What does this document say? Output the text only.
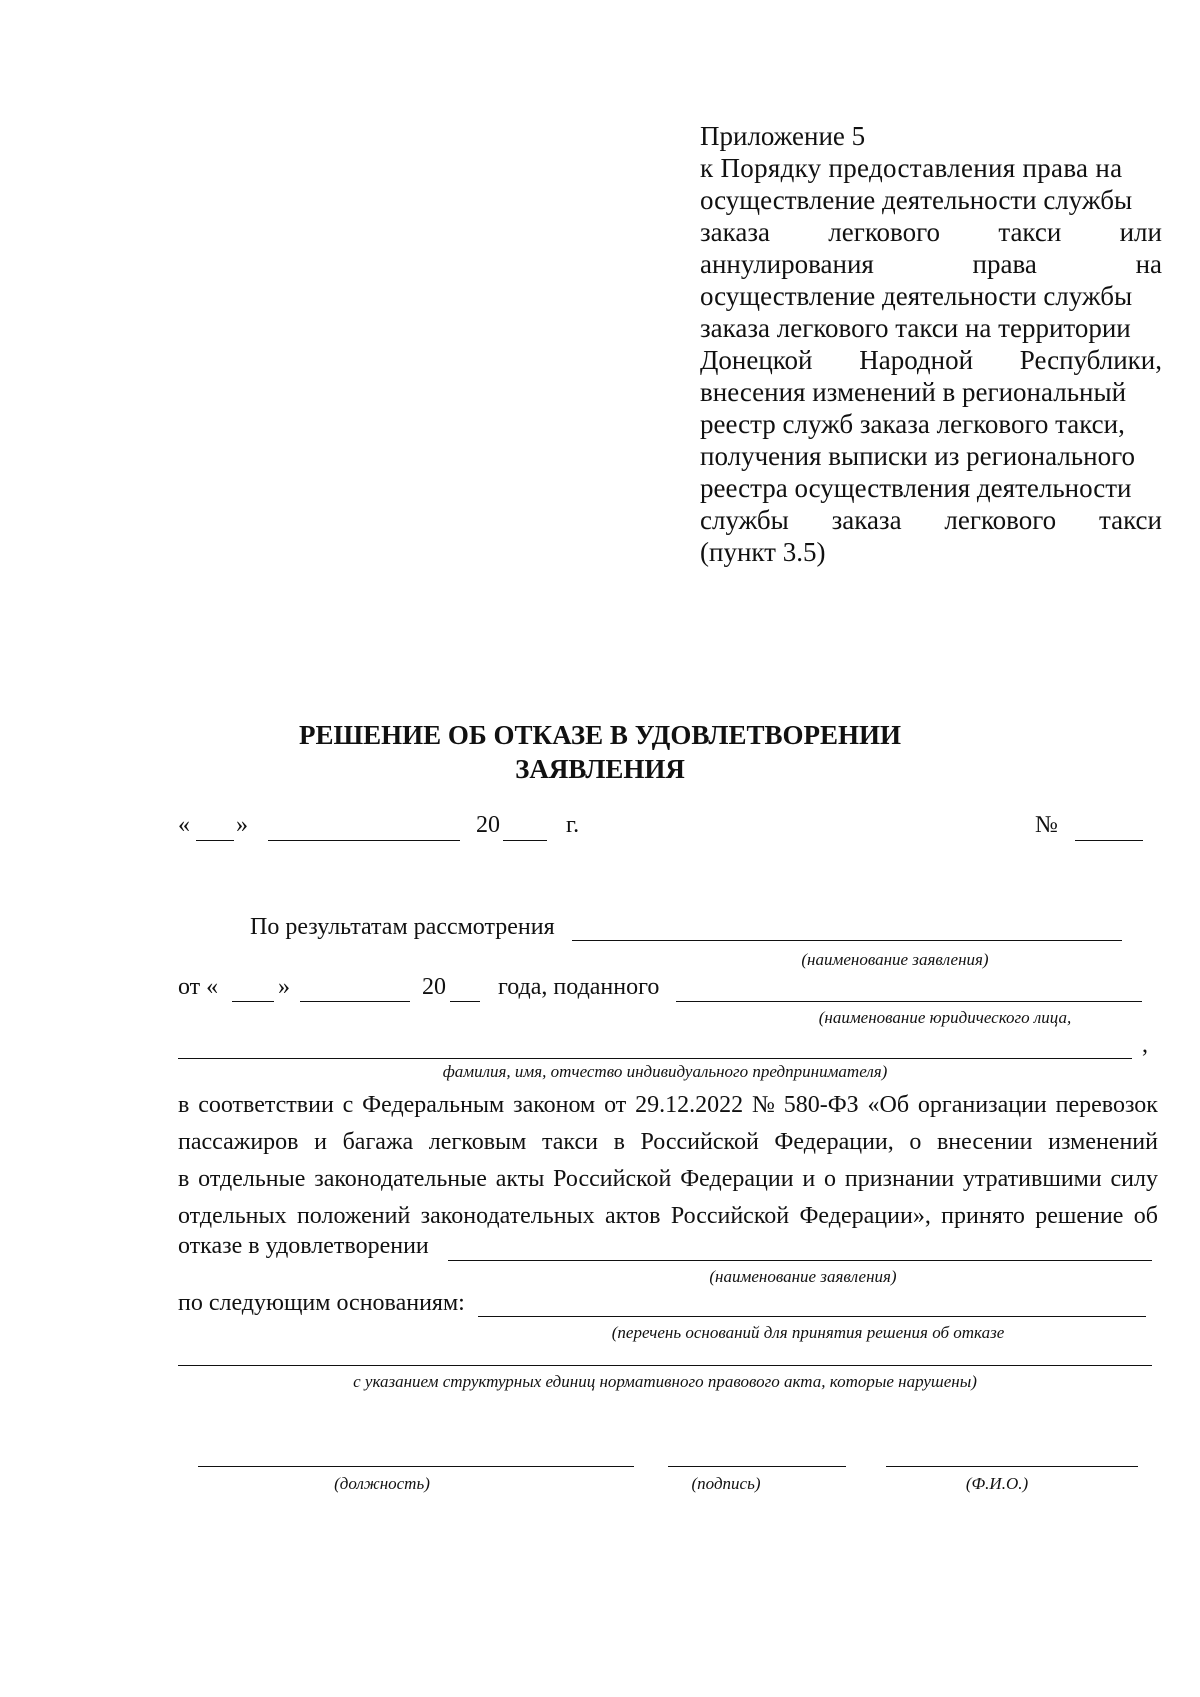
Приложение 5
к Порядку предоставления права на
осуществление деятельности службы
заказа легкового такси или
аннулирования	права	на
осуществление деятельности службы
заказа легкового такси на территории
Донецкой Народной Республики,
внесения изменений в региональный
реестр служб заказа легкового такси,
получения выписки из регионального
реестра осуществления деятельности
службы заказа легкового такси
(пункт 3.5)
РЕШЕНИЕ ОБ ОТКАЗЕ В УДОВЛЕТВОРЕНИИ
ЗАЯВЛЕНИЯ
« »	20	г.	№
По результатам рассмотрения
(наименование заявления)
от « »	20 года, поданного
(наименование юридического лица,
,
фамилия, имя, отчество индивидуального предпринимателя)
в соответствии с Федеральным законом от 29.12.2022 № 580-ФЗ «Об организации перевозок
пассажиров и багажа легковым такси в Российской Федерации, о внесении изменений
в отдельные законодательные акты Российской Федерации и о признании утратившими силу
отдельных положений законодательных актов Российской Федерации», принято решение об
отказе в удовлетворении
(наименование заявления)
по следующим основаниям:
(перечень оснований для принятия решения об отказе
с указанием структурных единиц нормативного правового акта, которые нарушены)
(должность)	(подпись)	(Ф.И.О.)
